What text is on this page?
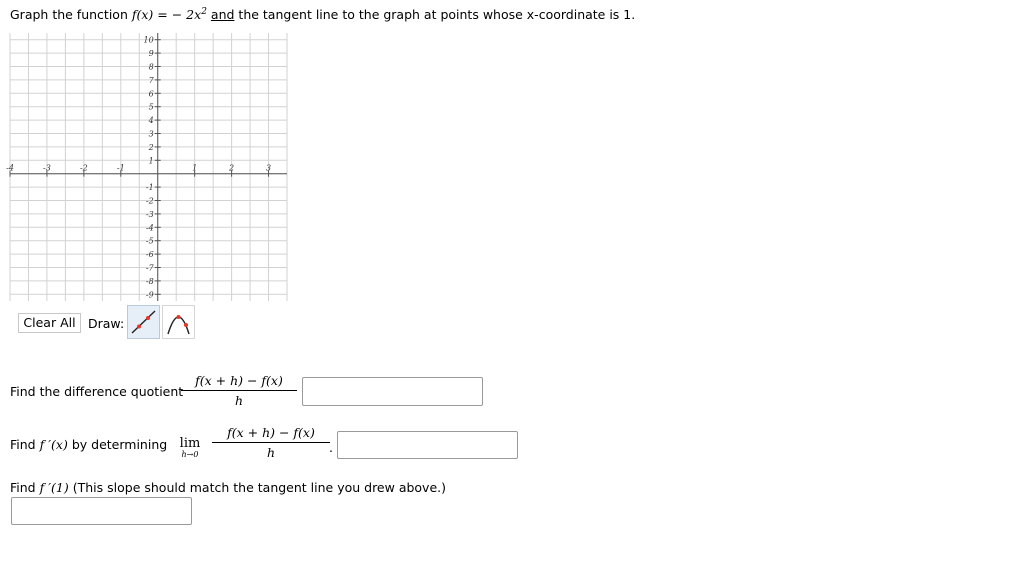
Graph the function f(x) = − $2x^2$ and the tangent line to the graph at points whose x-coordinate is 1.
-4	-3	-2	-1	1	2	3
10
9
8
7
6
5
4
3
2
1
-1
-2
-3
-4
-5
-6
-7
-8
-9
Clear All Draw:
Find the difference quotient
f(x + h) − f(x)
h
Find f ′(x) by determining lim
h→0
f(x + h) − f(x)
h	.
Find f ′(1) (This slope should match the tangent line you drew above.)
